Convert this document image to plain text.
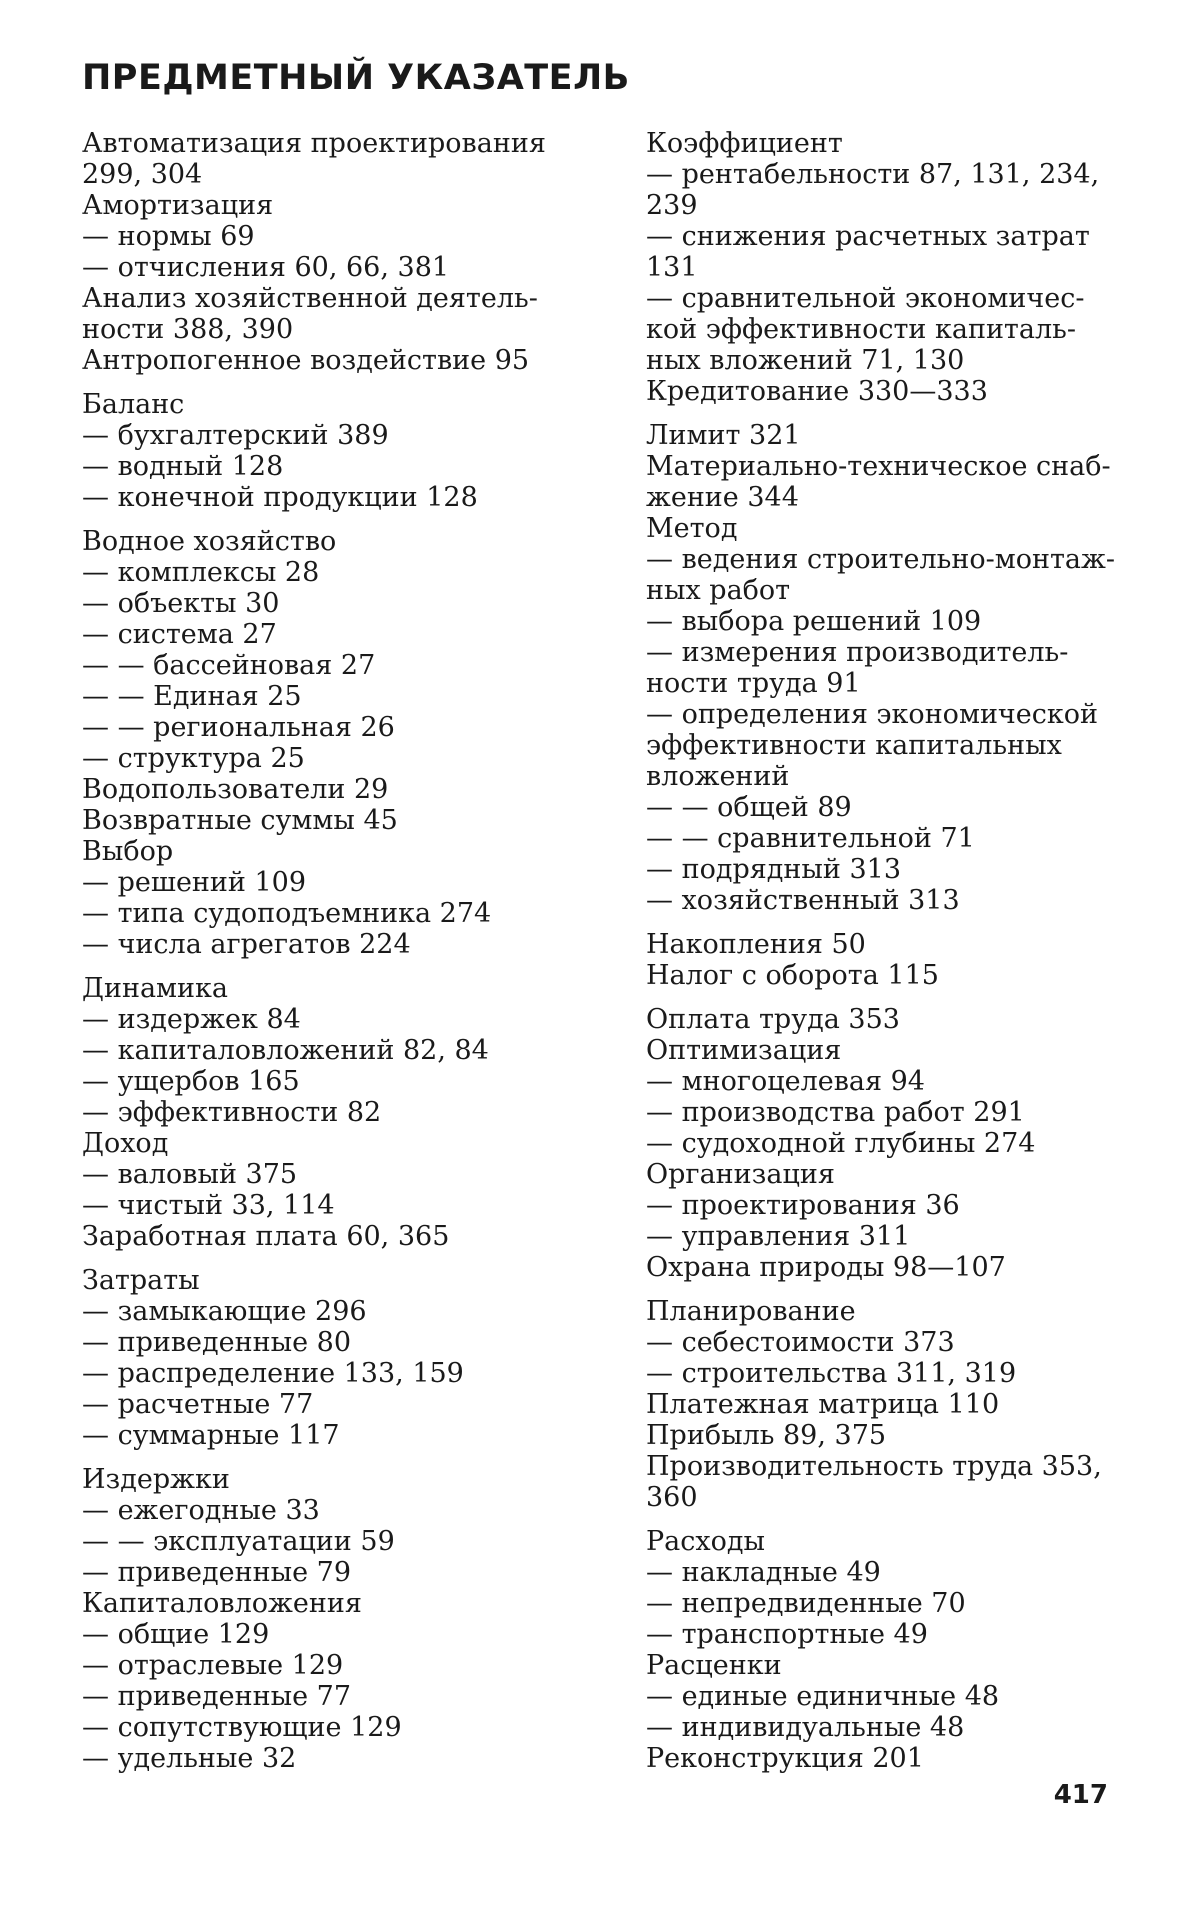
ПРЕДМЕТНЫЙ УКАЗАТЕЛЬ
Автоматизация проектирования
299, 304
Амортизация
— нормы 69
— отчисления 60, 66, 381
Анализ хозяйственной деятель-
ности 388, 390
Антропогенное воздействие 95
Баланс
— бухгалтерский 389
— водный 128
— конечной продукции 128
Водное хозяйство
— комплексы 28
— объекты 30
— система 27
— — бассейновая 27
— — Единая 25
— — региональная 26
— структура 25
Водопользователи 29
Возвратные суммы 45
Выбор
— решений 109
— типа судоподъемника 274
— числа агрегатов 224
Динамика
— издержек 84
— капиталовложений 82, 84
— ущербов 165
— эффективности 82
Доход
— валовый 375
— чистый 33, 114
Заработная плата 60, 365
Затраты
— замыкающие 296
— приведенные 80
— распределение 133, 159
— расчетные 77
— суммарные 117
Издержки
— ежегодные 33
— — эксплуатации 59
— приведенные 79
Капиталовложения
— общие 129
— отраслевые 129
— приведенные 77
— сопутствующие 129
— удельные 32
Коэффициент
— рентабельности 87, 131, 234,
239
— снижения расчетных затрат
131
— сравнительной экономичес-
кой эффективности капиталь-
ных вложений 71, 130
Кредитование 330—333
Лимит 321
Материально-техническое снаб-
жение 344
Метод
— ведения строительно-монтаж-
ных работ
— выбора решений 109
— измерения производитель-
ности труда 91
— определения экономической
эффективности капитальных
вложений
— — общей 89
— — сравнительной 71
— подрядный 313
— хозяйственный 313
Накопления 50
Налог с оборота 115
Оплата труда 353
Оптимизация
— многоцелевая 94
— производства работ 291
— судоходной глубины 274
Организация
— проектирования 36
— управления 311
Охрана природы 98—107
Планирование
— себестоимости 373
— строительства 311, 319
Платежная матрица 110
Прибыль 89, 375
Производительность труда 353,
360
Расходы
— накладные 49
— непредвиденные 70
— транспортные 49
Расценки
— единые единичные 48
— индивидуальные 48
Реконструкция 201
417
